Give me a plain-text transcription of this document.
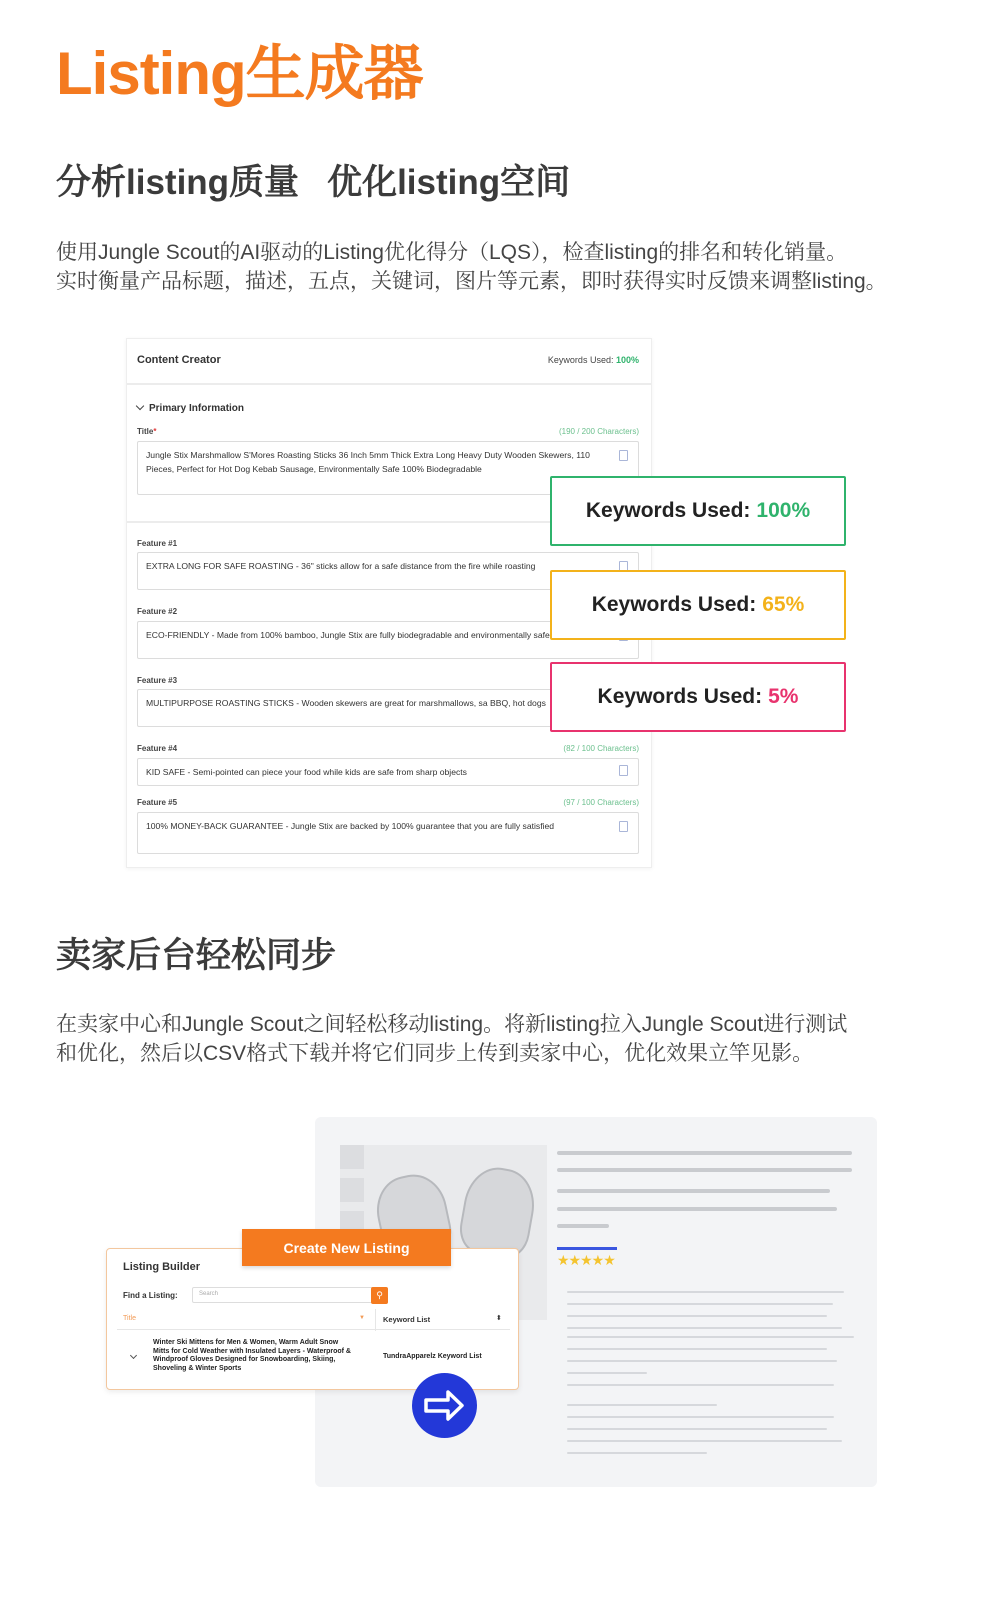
Listing生成器
分析listing质量 优化listing空间
使用Jungle Scout的AI驱动的Listing优化得分（LQS），检查listing的排名和转化销量。
实时衡量产品标题，描述，五点，关键词，图片等元素，即时获得实时反馈来调整listing。
Content Creator	Keywords Used: 100%
Primary Information
Title*	(190 / 200 Characters)
Jungle Stix Marshmallow S'Mores Roasting Sticks 36 Inch 5mm Thick Extra Long Heavy Duty Wooden Skewers, 110 Pieces, Perfect for Hot Dog Kebab Sausage, Environmentally Safe 100% Biodegradable
Feature #1
EXTRA LONG FOR SAFE ROASTING - 36" sticks allow for a safe distance from the fire while roasting
Feature #2
ECO-FRIENDLY - Made from 100% bamboo, Jungle Stix are fully biodegradable and environmentally safe
Feature #3
MULTIPURPOSE ROASTING STICKS - Wooden skewers are great for marshmallows, sa BBQ, hot dogs
Feature #4	(82 / 100 Characters)
KID SAFE - Semi-pointed can piece your food while kids are safe from sharp objects
Feature #5	(97 / 100 Characters)
100% MONEY-BACK GUARANTEE - Jungle Stix are backed by 100% guarantee that you are fully satisfied
Keywords Used: 100%
Keywords Used: 65%
Keywords Used: 5%
卖家后台轻松同步
在卖家中心和Jungle Scout之间轻松移动listing。将新listing拉入Jungle Scout进行测试
和优化，然后以CSV格式下载并将它们同步上传到卖家中心，优化效果立竿见影。
★★★★★
Listing Builder
Find a Listing:	Search	⚲
Title	▼ Keyword List	⬍
Winter Ski Mittens for Men & Women, Warm Adult Snow Mitts for Cold Weather with Insulated Layers - Waterproof & Windproof Gloves Designed for Snowboarding, Skiing, Shoveling & Winter Sports
TundraApparelz Keyword List
Create New Listing
